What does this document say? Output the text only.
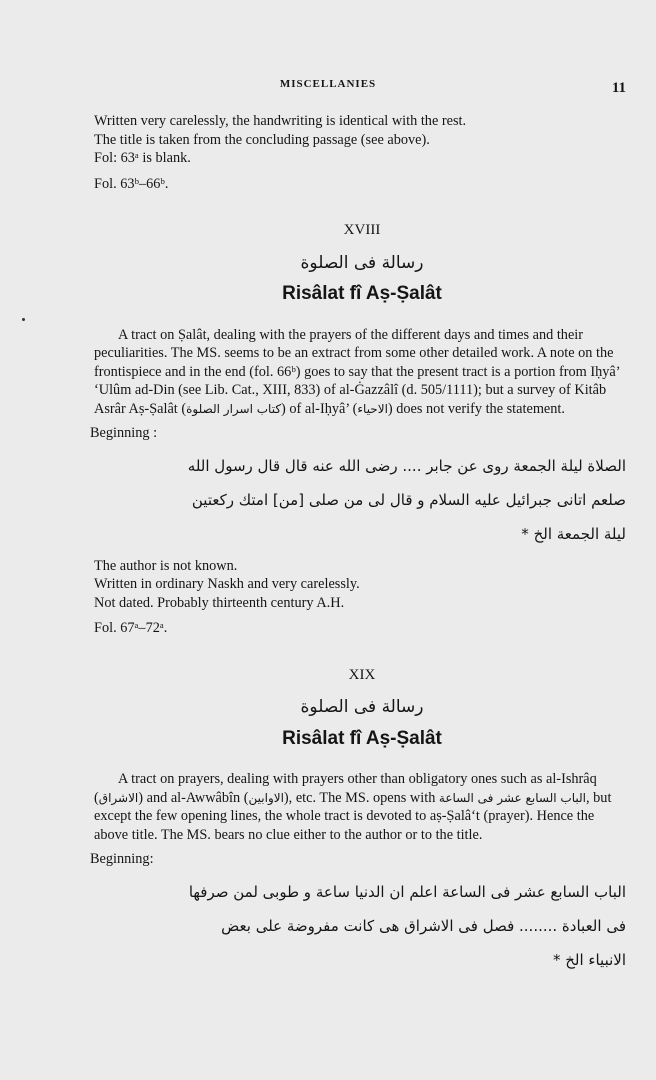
MISCELLANIES	11

Written very carelessly, the handwriting is identical with the rest.

The title is taken from the concluding passage (see above).

Fol: 63ᵃ is blank.

Fol. 63ᵇ–66ᵇ.

XVIII
رسالة فى الصلوة
Risâlat fî Aṣ-Ṣalât

A tract on Ṣalât, dealing with the prayers of the different days and times and their peculiarities. The MS. seems to be an extract from some other detailed work. A note on the frontispiece and in the end (fol. 66ᵇ) goes to say that the present tract is a portion from Iḥyâ’ ‘Ulûm ad-Din (see Lib. Cat., XIII, 833) of al-Ġazzâlî (d. 505/1111); but a survey of Kitâb Asrâr Aṣ-Ṣalât (كتاب اسرار الصلوة) of al-Iḥyâ’ (الاحياء) does not verify the statement.

Beginning :

الصلاة ليلة الجمعة روى عن جابر .... رضى الله عنه قال قال رسول الله
صلعم اتانى جبرائيل عليه السلام و قال لى من صلى [من] امتك ركعتين
ليلة الجمعة الخ *

The author is not known.

Written in ordinary Naskh and very carelessly.

Not dated. Probably thirteenth century A.H.

Fol. 67ᵃ–72ᵃ.

XIX
رسالة فى الصلوة
Risâlat fî Aṣ-Ṣalât

A tract on prayers, dealing with prayers other than obligatory ones such as al-Ishrâq (الاشراق) and al-Awwâbîn (الاوابين), etc. The MS. opens with الباب السابع عشر فى الساعة, but except the few opening lines, the whole tract is devoted to aṣ-Ṣalâ‘t (prayer). Hence the above title. The MS. bears no clue either to the author or to the title.

Beginning:

الباب السابع عشر فى الساعة اعلم ان الدنيا ساعة و طوبى لمن صرفها
فى العبادة ........ فصل فى الاشراق هى كانت مفروضة على بعض
الانبياء الخ *
